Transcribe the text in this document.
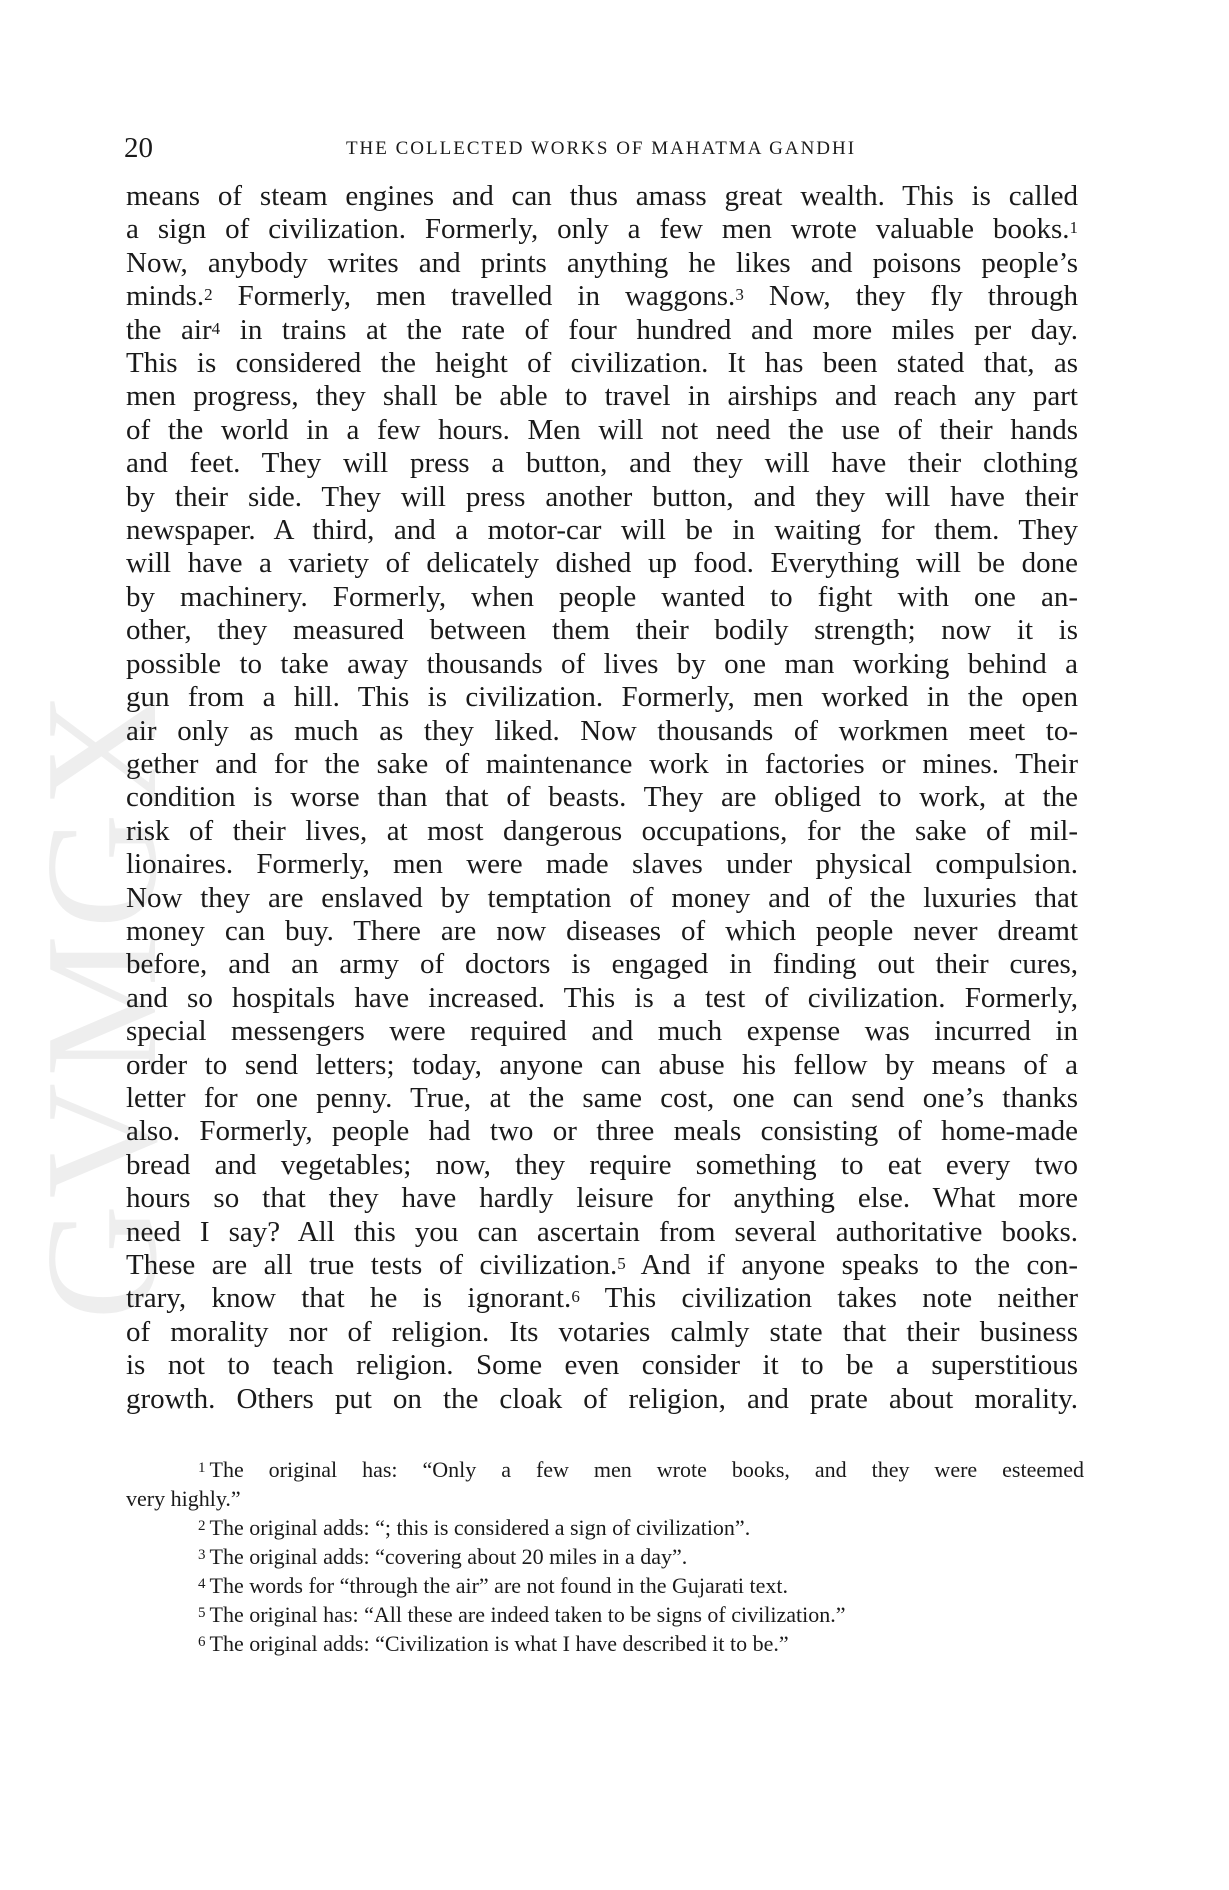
GVMGX
20	THE COLLECTED WORKS OF MAHATMA GANDHI
means of steam engines and can thus amass great wealth. This is called
a sign of civilization. Formerly, only a few men wrote valuable books.$^1$
Now, anybody writes and prints anything he likes and poisons people’s
minds.$^2$ Formerly, men travelled in waggons.$^3$ Now, they fly through
the air$^4$ in trains at the rate of four hundred and more miles per day.
This is considered the height of civilization. It has been stated that, as
men progress, they shall be able to travel in airships and reach any part
of the world in a few hours. Men will not need the use of their hands
and feet. They will press a button, and they will have their clothing
by their side. They will press another button, and they will have their
newspaper. A third, and a motor-car will be in waiting for them. They
will have a variety of delicately dished up food. Everything will be done
by machinery. Formerly, when people wanted to fight with one an-
other, they measured between them their bodily strength; now it is
possible to take away thousands of lives by one man working behind a
gun from a hill. This is civilization. Formerly, men worked in the open
air only as much as they liked. Now thousands of workmen meet to-
gether and for the sake of maintenance work in factories or mines. Their
condition is worse than that of beasts. They are obliged to work, at the
risk of their lives, at most dangerous occupations, for the sake of mil-
lionaires. Formerly, men were made slaves under physical compulsion.
Now they are enslaved by temptation of money and of the luxuries that
money can buy. There are now diseases of which people never dreamt
before, and an army of doctors is engaged in finding out their cures,
and so hospitals have increased. This is a test of civilization. Formerly,
special messengers were required and much expense was incurred in
order to send letters; today, anyone can abuse his fellow by means of a
letter for one penny. True, at the same cost, one can send one’s thanks
also. Formerly, people had two or three meals consisting of home-made
bread and vegetables; now, they require something to eat every two
hours so that they have hardly leisure for anything else. What more
need I say? All this you can ascertain from several authoritative books.
These are all true tests of civilization.$^5$ And if anyone speaks to the con-
trary, know that he is ignorant.$^6$ This civilization takes note neither
of morality nor of religion. Its votaries calmly state that their business
is not to teach religion. Some even consider it to be a superstitious
growth. Others put on the cloak of religion, and prate about morality.
$^1$ The original has: “Only a few men wrote books, and they were esteemed
very highly.”
$^2$ The original adds: “; this is considered a sign of civilization”.
$^3$ The original adds: “covering about 20 miles in a day”.
$^4$ The words for “through the air” are not found in the Gujarati text.
$^5$ The original has: “All these are indeed taken to be signs of civilization.”
$^6$ The original adds: “Civilization is what I have described it to be.”
